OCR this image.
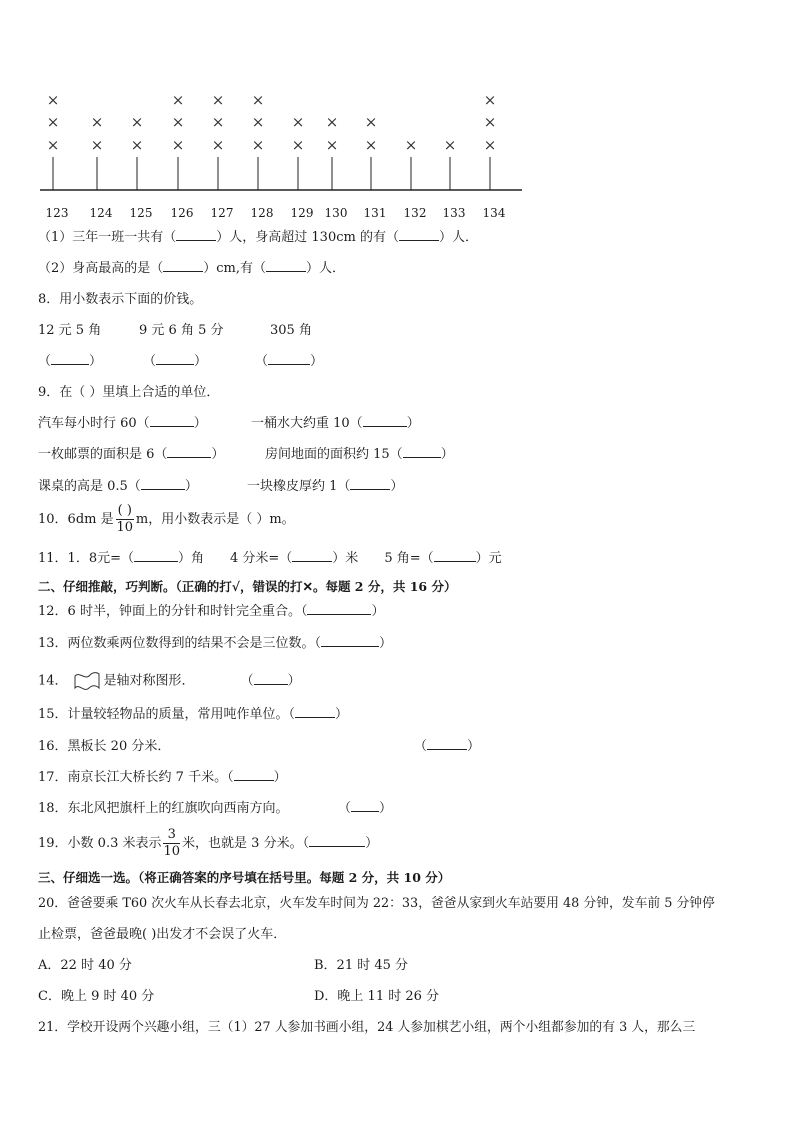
123
×
×
×
124
×
×
125
×
×
126
×
×
×
127
×
×
×
128
×
×
×
129
×
×
130
×
×
131
×
×
132
×
133
×
134
×
×
×
（1）三年一班一共有（	）人，身高超过 130cm 的有（	）人．
（2）身高最高的是（	）cm,有（	）人．
8．用小数表示下面的价钱。
12 元 5 角	9 元 6 角 5 分	305 角
（	）	（	）	（	）
9．在（ ）里填上合适的单位．
汽车每小时行 60（	）	一桶水大约重 10（	）
一枚邮票的面积是 6（	）	房间地面的面积约 15（	）
课桌的高是 0.5（	）	一块橡皮厚约 1（	）
10．6dm 是 $\frac{( )}{10}$ m，用小数表示是（ ）m。
11．1．8元=（	）角 4 分米=（	）米 5 角=（	）元
二、仔细推敲，巧判断。（正确的打√，错误的打✕。每题 2 分，共 16 分）
12．6 时半，钟面上的分针和时针完全重合。（	）
13．两位数乘两位数得到的结果不会是三位数。（	）
14．	是轴对称图形．	（	）
15．计量较轻物品的质量，常用吨作单位。（	）
16．黑板长 20 分米．	（	）
17．南京长江大桥长约 7 千米。（	）
18．东北风把旗杆上的红旗吹向西南方向。	（ ）
19．小数 0.3 米表示 $\frac{3}{10}$ 米，也就是 3 分米。（	）
三、仔细选一选。（将正确答案的序号填在括号里。每题 2 分，共 10 分）
20．爸爸要乘 T60 次火车从长春去北京，火车发车时间为 22：33，爸爸从家到火车站要用 48 分钟，发车前 5 分钟停
止检票，爸爸最晚( )出发才不会误了火车．
A．22 时 40 分	B．21 时 45 分
C．晚上 9 时 40 分	D．晚上 11 时 26 分
21．学校开设两个兴趣小组，三（1）27 人参加书画小组，24 人参加棋艺小组，两个小组都参加的有 3 人，那么三
